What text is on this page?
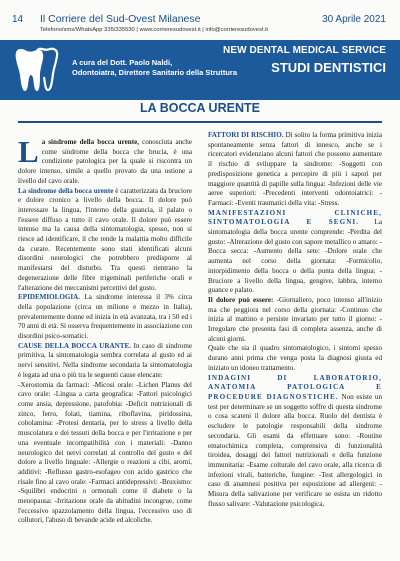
14 Il Corriere del Sud-Ovest Milanese	30 Aprile 2021
Telefono/sms/WhatsApp 335/335530 | www.corrieresudovest.it | info@corrieresudovest.it
NEW DENTAL MEDICAL SERVICE
A cura del Dott. Paolo Naldi,
Odontoiatra, Direttore Sanitario della Struttura	STUDI DENTISTICI
LA BOCCA URENTE

La sindrome della bocca urente, conosciuta anche come sindrome della bocca che brucia, è una condizione patologica per la quale si riscontra un dolore intenso, simile a quello provato da una ustione a livello del cavo orale.

La sindrome della bocca urente è caratterizzata da bruciore e dolore cronico a livello della bocca. Il dolore può interessare la lingua, l'interno della guancia, il palato o l'essere diffuso a tutto il cavo orale. Il dolore può essere intenso ma la causa della sintomatologia, spesso, non si riesce ad identificare, il che rende la malattia molto difficile da curare. Recentemente sono stati identificati alcuni disordini neurologici che potrebbero predisporre al manifestarsi del disturbo. Tra questi rientrano la degenerazione delle fibre trigeminali periferiche orali e l'alterazione dei meccanismi percettivi del gusto.

EPIDEMIOLOGIA. La sindrome interessa il 3% circa della popolazione (circa un milione e mezzo in Italia), prevalentemente donne ed inizia in età avanzata, tra i 50 ed i 70 anni di età. Si osserva frequentemente in associazione con disordini psico-somatici.

CAUSE DELLA BOCCA URANTE. In caso di sindrome primitiva, la sintomatologia sembra correlata al gusto ed ai nervi sensitivi. Nella sindrome secondaria la sintomatologia è legata ad una o più tra le seguenti cause elencate:

-Xerostomia da farmaci: -Micosi orale: -Lichen Planus del cavo orale: -Lingua a carta geografica: -Fattori psicologici come ansia, depressione, patofobia: -Deficit nutrizionali di zinco, ferro, folati, tiamina, riboflavina, piridossina, cobolamina: -Protesi dentaria, per lo stress a livello della muscolatura e dei tessuti della bocca e per l'irritazione e per una eventuale incompatibilità con i materiali: -Danno neurologico dei nervi correlati al controllo del gusto e del dolore a livello linguale: -Allergie o reazioni a cibi, aromi, additivi: -Reflusso gastro-esofageo con acido gastrico che risale fino al cavo orale: -Farmaci antidepressivi: -Bruxismo: -Squilibri endocrini o ormonali come il diabete o la menopausa: -Irritazione orale da abitudini incongrue, come l'eccessivo spazzolamento della lingua, l'eccessivo uso di collutori, l'abuso di bevande acide ed alcoliche.

FATTORI DI RISCHIO. Di solito la forma primitiva inizia spontaneamente senza fattori di innesco, anche se i ricercatori evidenziano alcuni fattori che possono aumentare il rischio di sviluppare la sindrome: -Soggetti con predisposizione genetica a percepire di più i sapori per maggiore quantità di papille sulla lingua: -Infezioni delle vie aeree superiori: -Precedenti interventi odontoiatrici: -Farmaci: -Eventi traumatici della vita: -Stress.

MANIFESTAZIONI CLINICHE, SINTOMATOLOGIA E SEGNI. La sintomatologia della bocca urente comprende: -Perdita del gusto: -Alterazione del gusto con sapore metallico o amaro: -Bocca secca: -Aumento della sete: -Dolore orale che aumenta nel corso della giornata: -Formicolio, intorpidimento della bocca o della punta della lingua: -Bruciore a livello della lingua, gengive, labbra, interno guance e palato.

Il dolore può essere: -Giornaliero, poco intenso all'inizio ma che peggiora nel corso della giornata: -Continuo che inizia al mattino e persiste invariato per tutto il giorno: -Irregolare che presenta fasi di completa assenza, anche di alcuni giorni.

Quale che sia il quadro sintomatologico, i sintomi spesso durano anni prima che venga posta la diagnosi giusta ed iniziato un idoneo trattamento.

INDAGINI DI LABORATORIO, ANATOMIA PATOLOGICA E PROCEDURE DIAGNOSTICHE. Non esiste un test per determinare se un soggetto soffre di questa sindrome o cosa scateni il dolore alla bocca. Ruolo del dentista è escludere le patologie responsabili della sindrome secondaria. Gli esami da effettuare sono: -Routine ematochimica completa, comprensiva di funzionalità tiroidea, dosaggi dei fattori nutrizionali e della funzione immunitaria: -Esame colturale del cavo orale, alla ricerca di infezioni virali, batteriche, fungine: -Test allergologici in caso di anamnesi positiva per esposizione ad allergeni: -Misura della salivazione per verificare se esista un ridotto flusso salivare: -Valutazione psicologica,
